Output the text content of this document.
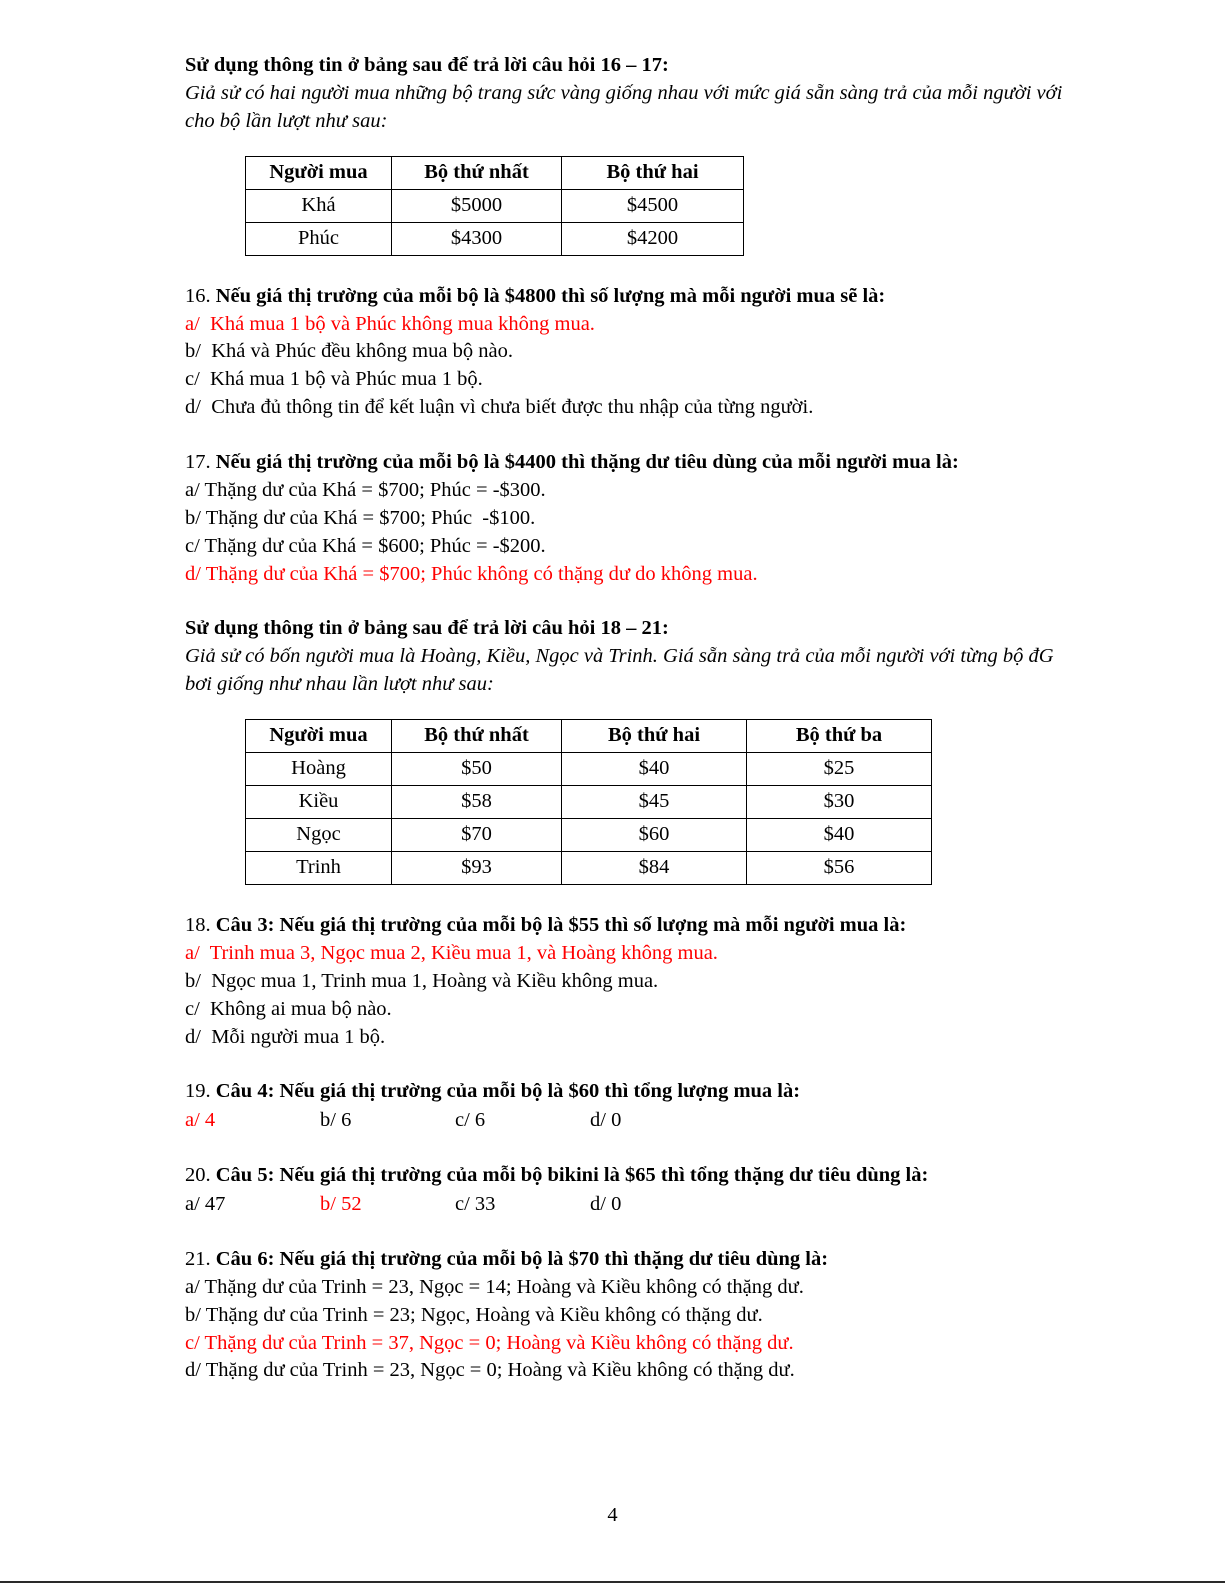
Sử dụng thông tin ở bảng sau để trả lời câu hỏi 16 – 17:

Giả sử có hai người mua những bộ trang sức vàng giống nhau với mức giá sẵn sàng trả của mỗi người với cho bộ lần lượt như sau:

Người mua	Bộ thứ nhất	Bộ thứ hai
Khá	$5000	$4500
Phúc	$4300	$4200

16. Nếu giá thị trường của mỗi bộ là $4800 thì số lượng mà mỗi người mua sẽ là:

a/  Khá mua 1 bộ và Phúc không mua không mua.

b/  Khá và Phúc đều không mua bộ nào.

c/  Khá mua 1 bộ và Phúc mua 1 bộ.

d/  Chưa đủ thông tin để kết luận vì chưa biết được thu nhập của từng người.

17. Nếu giá thị trường của mỗi bộ là $4400 thì thặng dư tiêu dùng của mỗi người mua là:

a/ Thặng dư của Khá = $700; Phúc = -$300.

b/ Thặng dư của Khá = $700; Phúc  -$100.

c/ Thặng dư của Khá = $600; Phúc = -$200.

d/ Thặng dư của Khá = $700; Phúc không có thặng dư do không mua.

Sử dụng thông tin ở bảng sau để trả lời câu hỏi 18 – 21:

Giả sử có bốn người mua là Hoàng, Kiều, Ngọc và Trinh. Giá sẵn sàng trả của mỗi người với từng bộ đG bơi giống như nhau lần lượt như sau:

Người mua	Bộ thứ nhất	Bộ thứ hai	Bộ thứ ba
Hoàng	$50	$40	$25
Kiều	$58	$45	$30
Ngọc	$70	$60	$40
Trinh	$93	$84	$56

18. Câu 3: Nếu giá thị trường của mỗi bộ là $55 thì số lượng mà mỗi người mua là:

a/  Trinh mua 3, Ngọc mua 2, Kiều mua 1, và Hoàng không mua.

b/  Ngọc mua 1, Trinh mua 1, Hoàng và Kiều không mua.

c/  Không ai mua bộ nào.

d/  Mỗi người mua 1 bộ.

19. Câu 4: Nếu giá thị trường của mỗi bộ là $60 thì tổng lượng mua là:

a/ 4	b/ 6	c/ 6	d/ 0

20. Câu 5: Nếu giá thị trường của mỗi bộ bikini là $65 thì tổng thặng dư tiêu dùng là:

a/ 47	b/ 52	c/ 33	d/ 0

21. Câu 6: Nếu giá thị trường của mỗi bộ là $70 thì thặng dư tiêu dùng là:

a/ Thặng dư của Trinh = 23, Ngọc = 14; Hoàng và Kiều không có thặng dư.

b/ Thặng dư của Trinh = 23; Ngọc, Hoàng và Kiều không có thặng dư.

c/ Thặng dư của Trinh = 37, Ngọc = 0; Hoàng và Kiều không có thặng dư.

d/ Thặng dư của Trinh = 23, Ngọc = 0; Hoàng và Kiều không có thặng dư.

4
